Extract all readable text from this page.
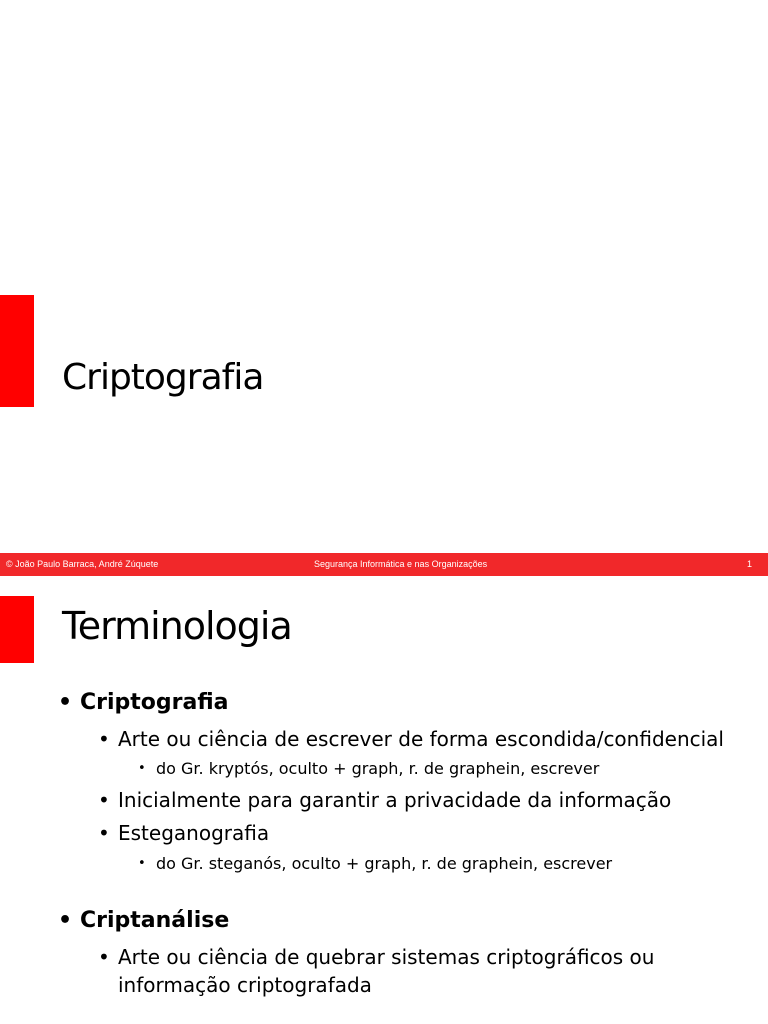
Criptografia
© João Paulo Barraca, André Zúquete	Segurança Informática e nas Organizações	1
Terminologia
• Criptografia
• Arte ou ciência de escrever de forma escondida/confidencial
• do Gr. kryptós, oculto + graph, r. de graphein, escrever
• Inicialmente para garantir a privacidade da informação
• Esteganografia
• do Gr. steganós, oculto + graph, r. de graphein, escrever
• Criptanálise
• Arte ou ciência de quebrar sistemas criptográficos ou
informação criptografada
